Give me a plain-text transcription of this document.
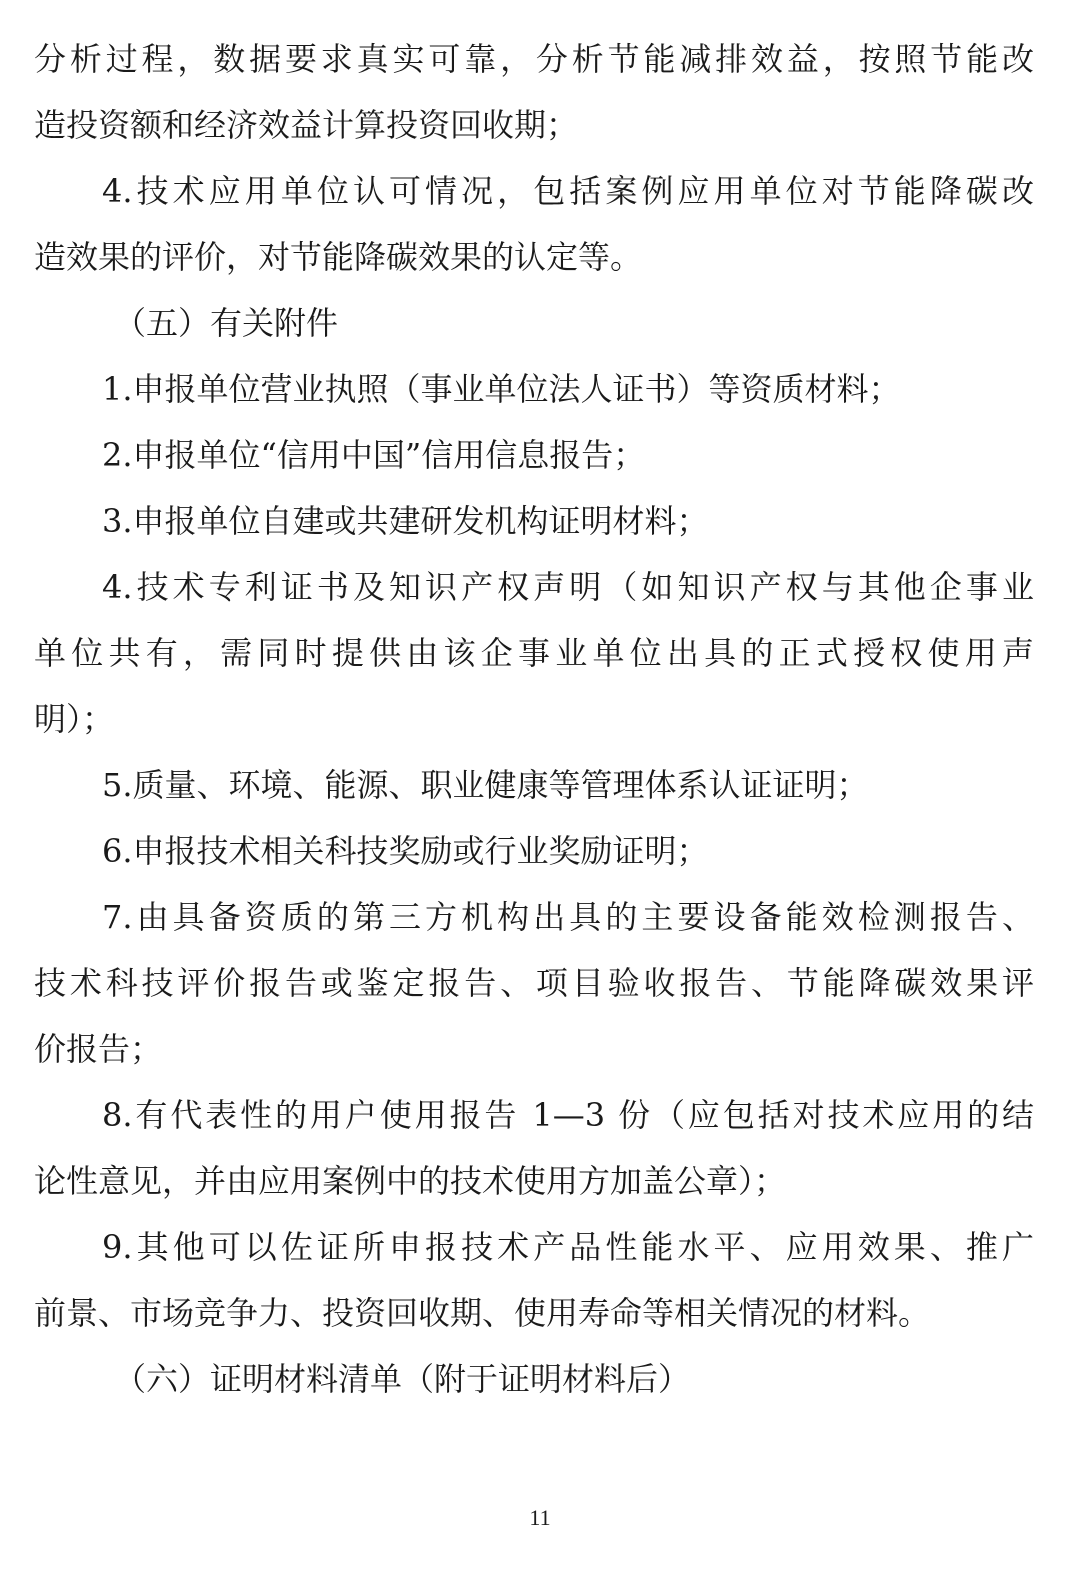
分析过程，数据要求真实可靠，分析节能减排效益，按照节能改
造投资额和经济效益计算投资回收期；
4.技术应用单位认可情况，包括案例应用单位对节能降碳改
造效果的评价，对节能降碳效果的认定等。
（五）有关附件
1.申报单位营业执照（事业单位法人证书）等资质材料；
2.申报单位“信用中国”信用信息报告；
3.申报单位自建或共建研发机构证明材料；
4.技术专利证书及知识产权声明（如知识产权与其他企事业
单位共有，需同时提供由该企事业单位出具的正式授权使用声
明）；
5.质量、环境、能源、职业健康等管理体系认证证明；
6.申报技术相关科技奖励或行业奖励证明；
7.由具备资质的第三方机构出具的主要设备能效检测报告、
技术科技评价报告或鉴定报告、项目验收报告、节能降碳效果评
价报告；
8.有代表性的用户使用报告 1—3 份（应包括对技术应用的结
论性意见，并由应用案例中的技术使用方加盖公章）；
9.其他可以佐证所申报技术产品性能水平、应用效果、推广
前景、市场竞争力、投资回收期、使用寿命等相关情况的材料。
（六）证明材料清单（附于证明材料后）
11
